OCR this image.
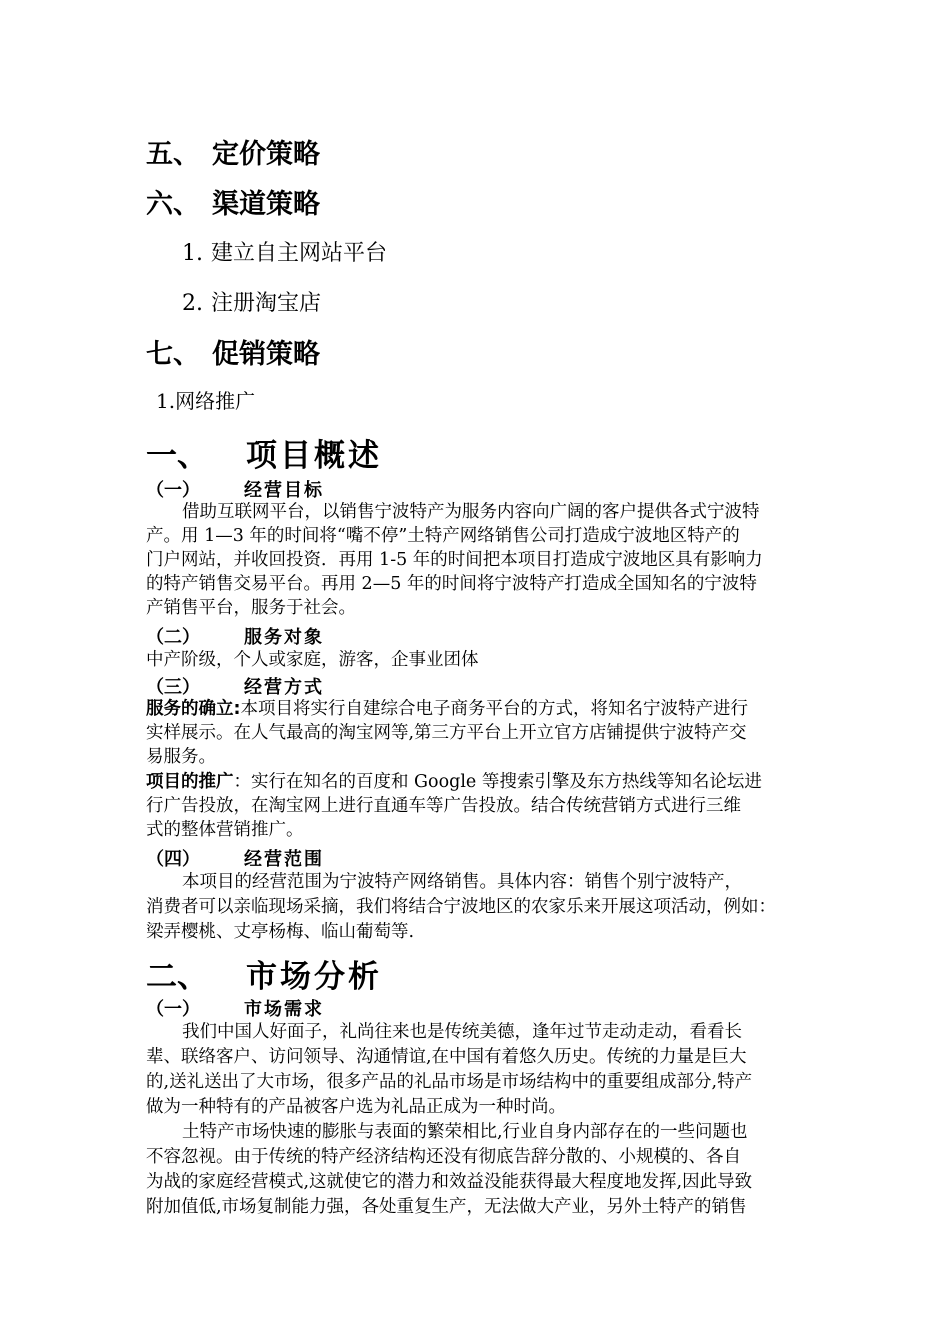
五、 定价策略
六、 渠道策略
1. 建立自主网站平台
2. 注册淘宝店
七、 促销策略
1.网络推广
一、 项目概述
（一） 经营目标
借助互联网平台，以销售宁波特产为服务内容向广阔的客户提供各式宁波特
产。用 1—3 年的时间将“嘴不停”土特产网络销售公司打造成宁波地区特产的
门户网站，并收回投资．再用 1-5 年的时间把本项目打造成宁波地区具有影响力
的特产销售交易平台。再用 2—5 年的时间将宁波特产打造成全国知名的宁波特
产销售平台，服务于社会。
（二） 服务对象
中产阶级，个人或家庭，游客，企事业团体
（三） 经营方式
服务的确立:本项目将实行自建综合电子商务平台的方式，将知名宁波特产进行
实样展示。在人气最高的淘宝网等,第三方平台上开立官方店铺提供宁波特产交
易服务。
项目的推广：实行在知名的百度和 Google 等搜索引擎及东方热线等知名论坛进
行广告投放，在淘宝网上进行直通车等广告投放。结合传统营销方式进行三维
式的整体营销推广。
（四） 经营范围
本项目的经营范围为宁波特产网络销售。具体内容：销售个别宁波特产，
消费者可以亲临现场采摘，我们将结合宁波地区的农家乐来开展这项活动，例如：
梁弄樱桃、丈亭杨梅、临山葡萄等.
二、 市场分析
（一） 市场需求
我们中国人好面子，礼尚往来也是传统美德，逢年过节走动走动，看看长
辈、联络客户、访问领导、沟通情谊,在中国有着悠久历史。传统的力量是巨大
的,送礼送出了大市场，很多产品的礼品市场是市场结构中的重要组成部分,特产
做为一种特有的产品被客户选为礼品正成为一种时尚。
土特产市场快速的膨胀与表面的繁荣相比,行业自身内部存在的一些问题也
不容忽视。由于传统的特产经济结构还没有彻底告辞分散的、小规模的、各自
为战的家庭经营模式,这就使它的潜力和效益没能获得最大程度地发挥,因此导致
附加值低,市场复制能力强，各处重复生产，无法做大产业，另外土特产的销售
